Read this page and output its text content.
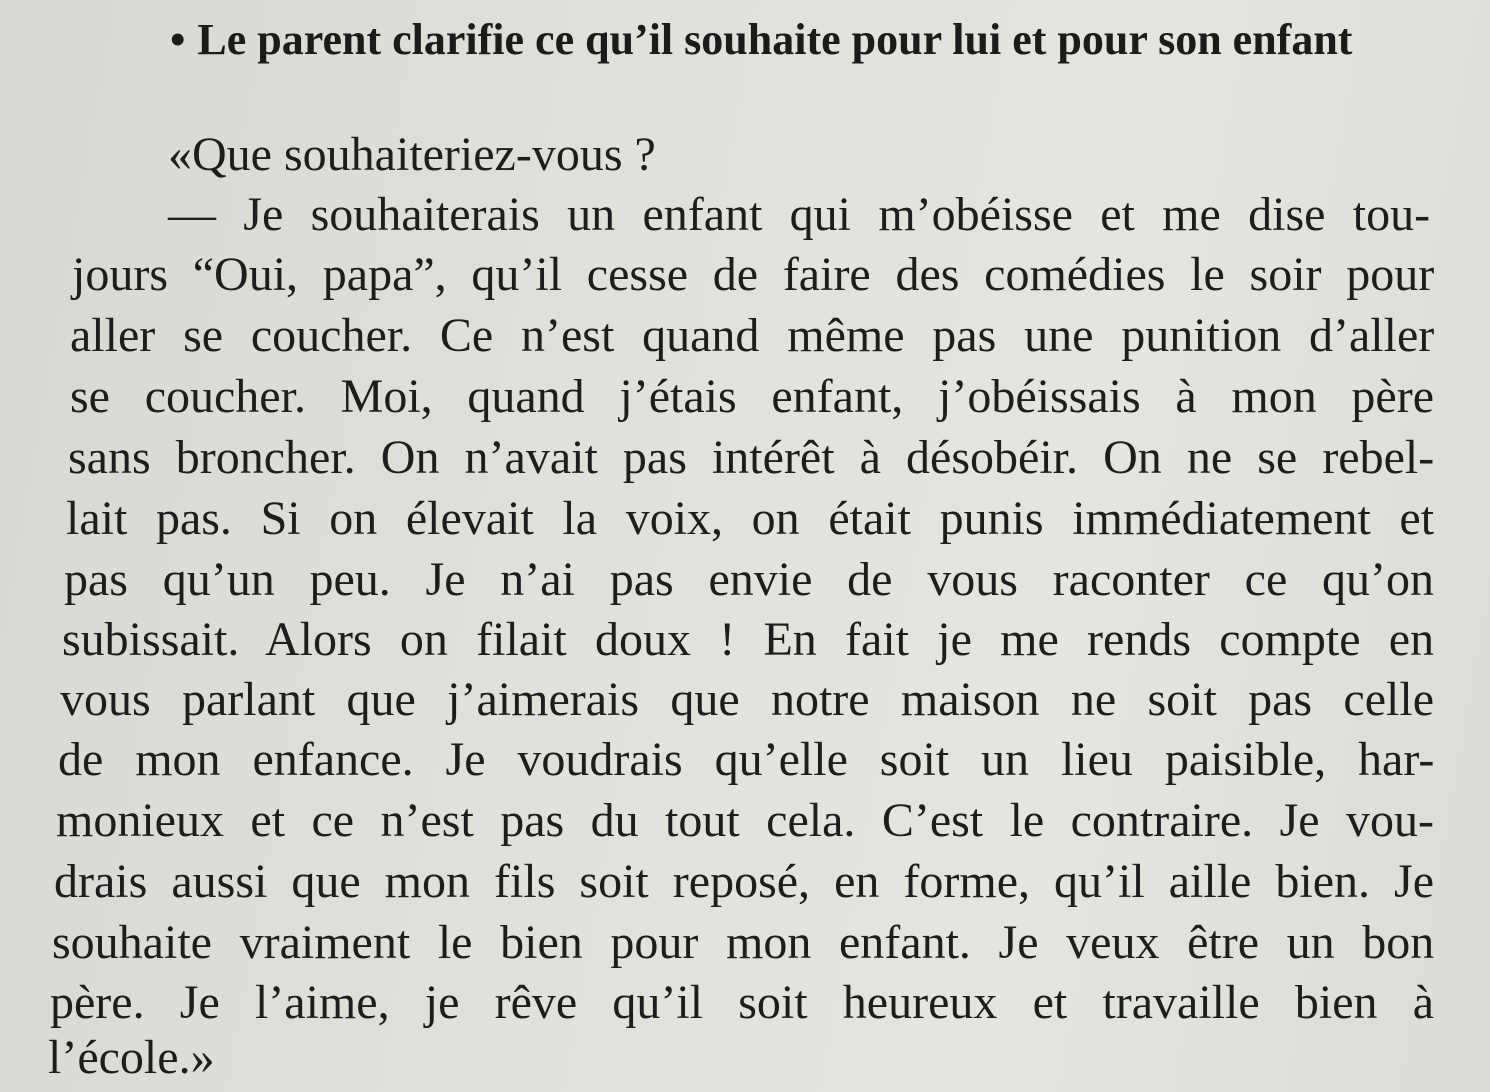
• Le parent clarifie ce qu’il souhaite pour lui et pour son enfant
«Que souhaiteriez-vous ?
— Je souhaiterais un enfant qui m’obéisse et me dise tou-
jours “Oui, papa”, qu’il cesse de faire des comédies le soir pour
aller se coucher. Ce n’est quand même pas une punition d’aller
se coucher. Moi, quand j’étais enfant, j’obéissais à mon père
sans broncher. On n’avait pas intérêt à désobéir. On ne se rebel-
lait pas. Si on élevait la voix, on était punis immédiatement et
pas qu’un peu. Je n’ai pas envie de vous raconter ce qu’on
subissait. Alors on filait doux ! En fait je me rends compte en
vous parlant que j’aimerais que notre maison ne soit pas celle
de mon enfance. Je voudrais qu’elle soit un lieu paisible, har-
monieux et ce n’est pas du tout cela. C’est le contraire. Je vou-
drais aussi que mon fils soit reposé, en forme, qu’il aille bien. Je
souhaite vraiment le bien pour mon enfant. Je veux être un bon
père. Je l’aime, je rêve qu’il soit heureux et travaille bien à
l’école.»
